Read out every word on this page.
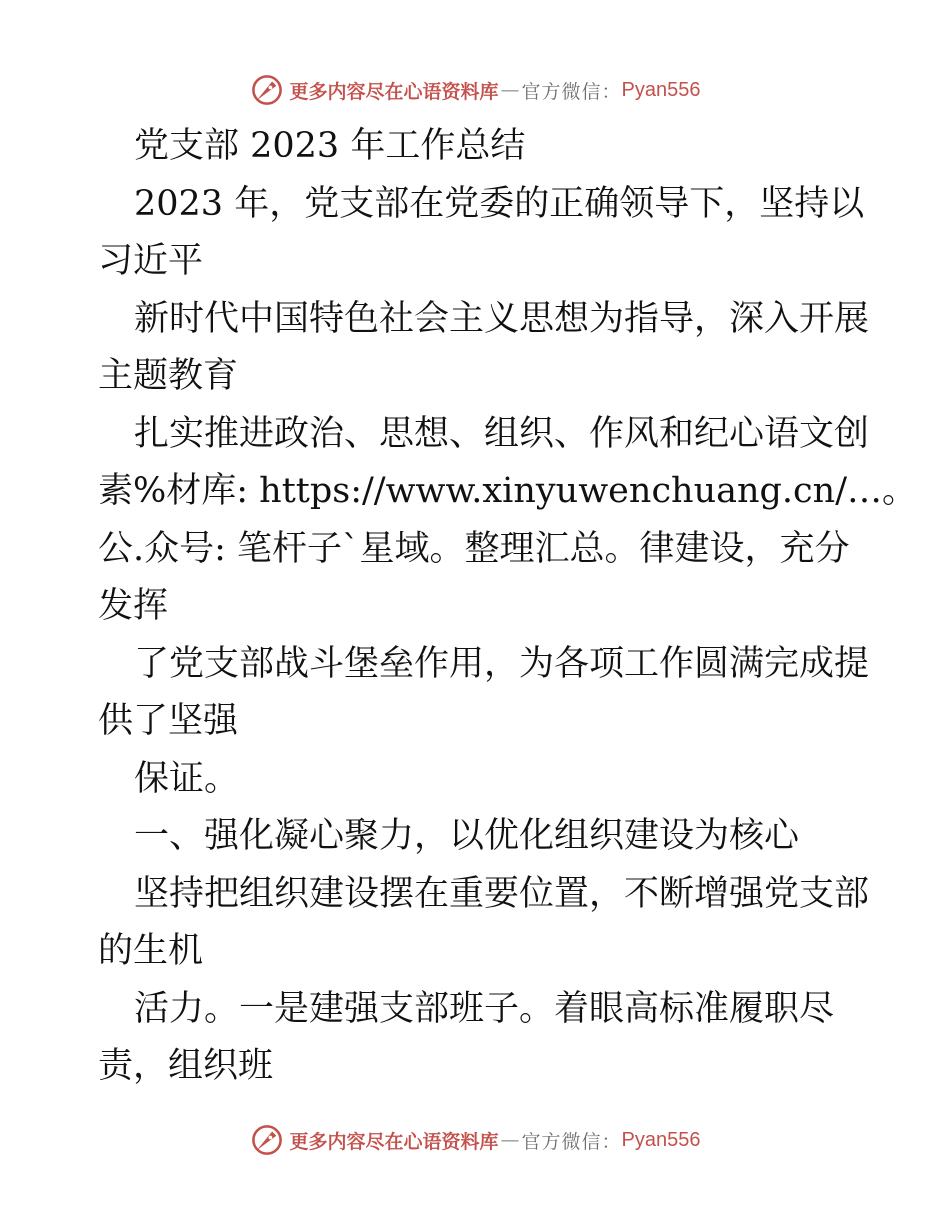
更多内容尽在心语资料库 — 官方微信： Pyan556
党支部 2023 年工作总结
2023 年，党支部在党委的正确领导下，坚持以
习近平
新时代中国特色社会主义思想为指导，深入开展
主题教育
扎实推进政治、思想、组织、作风和纪心语文创
素%材库: https://www.xinyuwenchuang.cn/…。
公.众号: 笔杆子`星域。整理汇总。律建设，充分
发挥
了党支部战斗堡垒作用，为各项工作圆满完成提
供了坚强
保证。
一、强化凝心聚力，以优化组织建设为核心
坚持把组织建设摆在重要位置，不断增强党支部
的生机
活力。一是建强支部班子。着眼高标准履职尽
责，组织班
更多内容尽在心语资料库 — 官方微信： Pyan556
